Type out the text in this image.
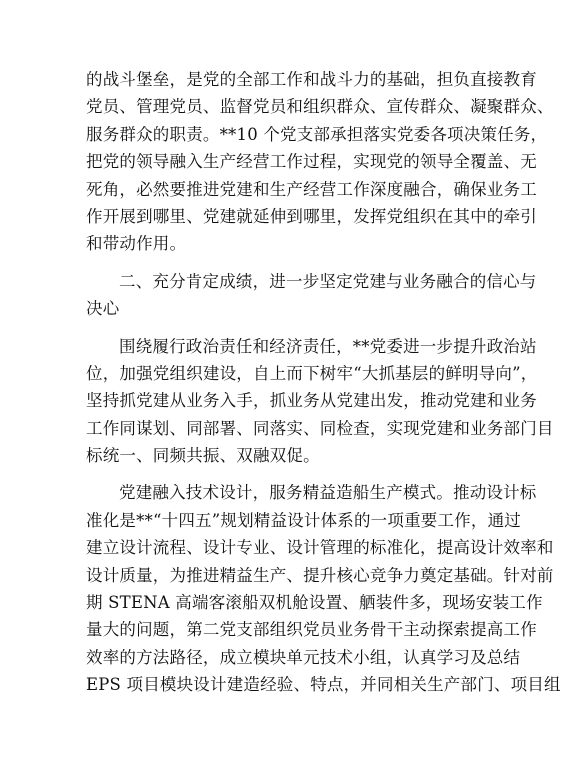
的战斗堡垒，是党的全部工作和战斗力的基础，担负直接教育
党员、管理党员、监督党员和组织群众、宣传群众、凝聚群众、
服务群众的职责。**10 个党支部承担落实党委各项决策任务，
把党的领导融入生产经营工作过程，实现党的领导全覆盖、无
死角，必然要推进党建和生产经营工作深度融合，确保业务工
作开展到哪里、党建就延伸到哪里，发挥党组织在其中的牵引
和带动作用。
二、充分肯定成绩，进一步坚定党建与业务融合的信心与
决心
围绕履行政治责任和经济责任，**党委进一步提升政治站
位，加强党组织建设，自上而下树牢“大抓基层的鲜明导向”，
坚持抓党建从业务入手，抓业务从党建出发，推动党建和业务
工作同谋划、同部署、同落实、同检查，实现党建和业务部门目
标统一、同频共振、双融双促。
党建融入技术设计，服务精益造船生产模式。推动设计标
准化是**“十四五”规划精益设计体系的一项重要工作，通过
建立设计流程、设计专业、设计管理的标准化，提高设计效率和
设计质量，为推进精益生产、提升核心竞争力奠定基础。针对前
期 STENA 高端客滚船双机舱设置、舾装件多，现场安装工作
量大的问题，第二党支部组织党员业务骨干主动探索提高工作
效率的方法路径，成立模块单元技术小组，认真学习及总结
EPS 项目模块设计建造经验、特点，并同相关生产部门、项目组
